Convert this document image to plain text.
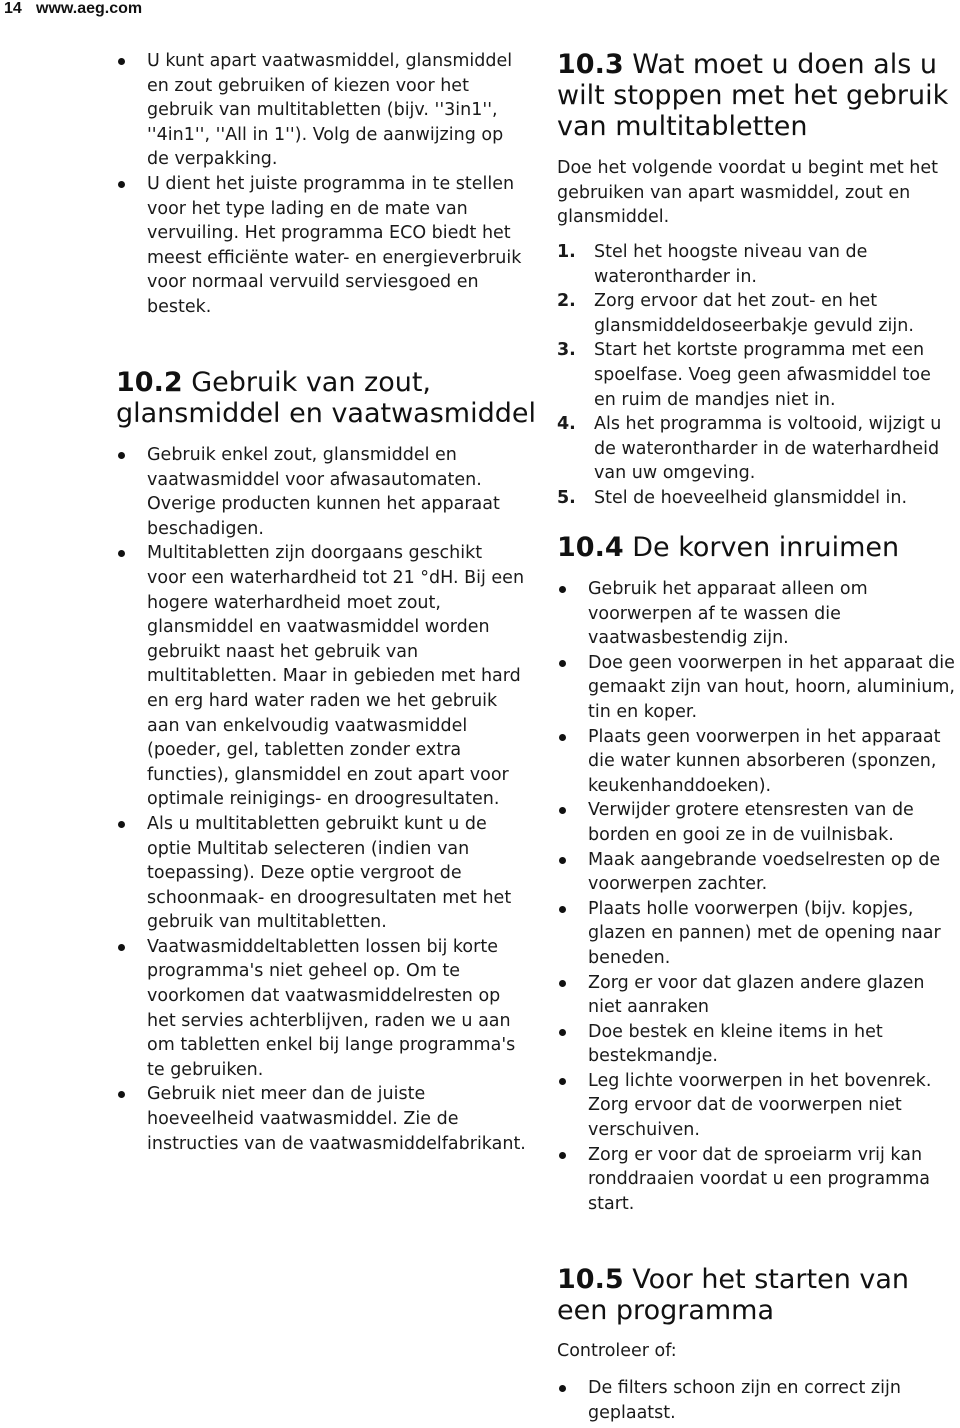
14 www.aeg.com
U kunt apart vaatwasmiddel, glansmiddel en zout gebruiken of kiezen voor het gebruik van multitabletten (bijv. ''3in1'', ''4in1'', ''All in 1''). Volg de aanwijzing op de verpakking.
U dient het juiste programma in te stellen voor het type lading en de mate van vervuiling. Het programma ECO biedt het meest efficiënte water- en energieverbruik voor normaal vervuild serviesgoed en bestek.
10.2 Gebruik van zout, glansmiddel en vaatwasmiddel
Gebruik enkel zout, glansmiddel en vaatwasmiddel voor afwasautomaten. Overige producten kunnen het apparaat beschadigen.
Multitabletten zijn doorgaans geschikt voor een waterhardheid tot 21 °dH. Bij een hogere waterhardheid moet zout, glansmiddel en vaatwasmiddel worden gebruikt naast het gebruik van multitabletten. Maar in gebieden met hard en erg hard water raden we het gebruik aan van enkelvoudig vaatwasmiddel (poeder, gel, tabletten zonder extra functies), glansmiddel en zout apart voor optimale reinigings- en droogresultaten.
Als u multitabletten gebruikt kunt u de optie Multitab selecteren (indien van toepassing). Deze optie vergroot de schoonmaak- en droogresultaten met het gebruik van multitabletten.
Vaatwasmiddeltabletten lossen bij korte programma's niet geheel op. Om te voorkomen dat vaatwasmiddelresten op het servies achterblijven, raden we u aan om tabletten enkel bij lange programma's te gebruiken.
Gebruik niet meer dan de juiste hoeveelheid vaatwasmiddel. Zie de instructies van de vaatwasmiddelfabrikant.
10.3 Wat moet u doen als u wilt stoppen met het gebruik van multitabletten

Doe het volgende voordat u begint met het gebruiken van apart wasmiddel, zout en glansmiddel.

1. Stel het hoogste niveau van de waterontharder in.
2. Zorg ervoor dat het zout- en het glansmiddeldoseerbakje gevuld zijn.
3. Start het kortste programma met een spoelfase. Voeg geen afwasmiddel toe en ruim de mandjes niet in.
4. Als het programma is voltooid, wijzigt u de waterontharder in de waterhardheid van uw omgeving.
5. Stel de hoeveelheid glansmiddel in.
10.4 De korven inruimen
Gebruik het apparaat alleen om voorwerpen af te wassen die vaatwasbestendig zijn.
Doe geen voorwerpen in het apparaat die gemaakt zijn van hout, hoorn, aluminium, tin en koper.
Plaats geen voorwerpen in het apparaat die water kunnen absorberen (sponzen, keukenhanddoeken).
Verwijder grotere etensresten van de borden en gooi ze in de vuilnisbak.
Maak aangebrande voedselresten op de voorwerpen zachter.
Plaats holle voorwerpen (bijv. kopjes, glazen en pannen) met de opening naar beneden.
Zorg er voor dat glazen andere glazen niet aanraken
Doe bestek en kleine items in het bestekmandje.
Leg lichte voorwerpen in het bovenrek. Zorg ervoor dat de voorwerpen niet verschuiven.
Zorg er voor dat de sproeiarm vrij kan ronddraaien voordat u een programma start.
10.5 Voor het starten van een programma

Controleer of:

De filters schoon zijn en correct zijn geplaatst.
